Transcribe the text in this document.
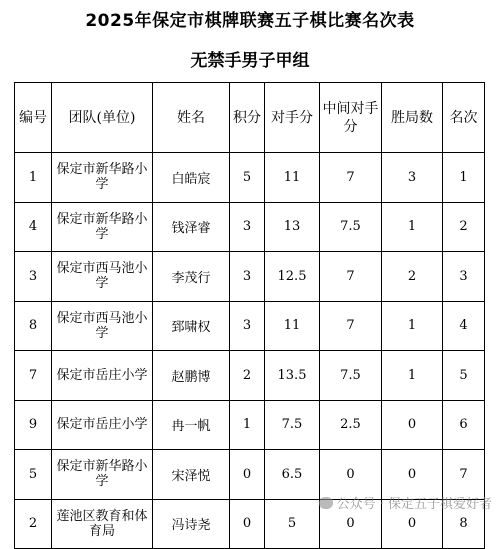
2025年保定市棋牌联赛五子棋比赛名次表
无禁手男子甲组
编号	团队(单位)	姓名	积分	对手分	中间对手分	胜局数	名次
1	保定市新华路小学	白皓宸	5	11	7	3	1
4	保定市新华路小学	钱泽睿	3	13	7.5	1	2
3	保定市西马池小学	李茂行	3	12.5	7	2	3
8	保定市西马池小学	郅啸权	3	11	7	1	4
7	保定市岳庄小学	赵鹏博	2	13.5	7.5	1	5
9	保定市岳庄小学	冉一帆	1	7.5	2.5	0	6
5	保定市新华路小学	宋泽悦	0	6.5	0	0	7
2	莲池区教育和体育局	冯诗尧	0	5	0	0	8
公众号 · 保定五子棋爱好者
